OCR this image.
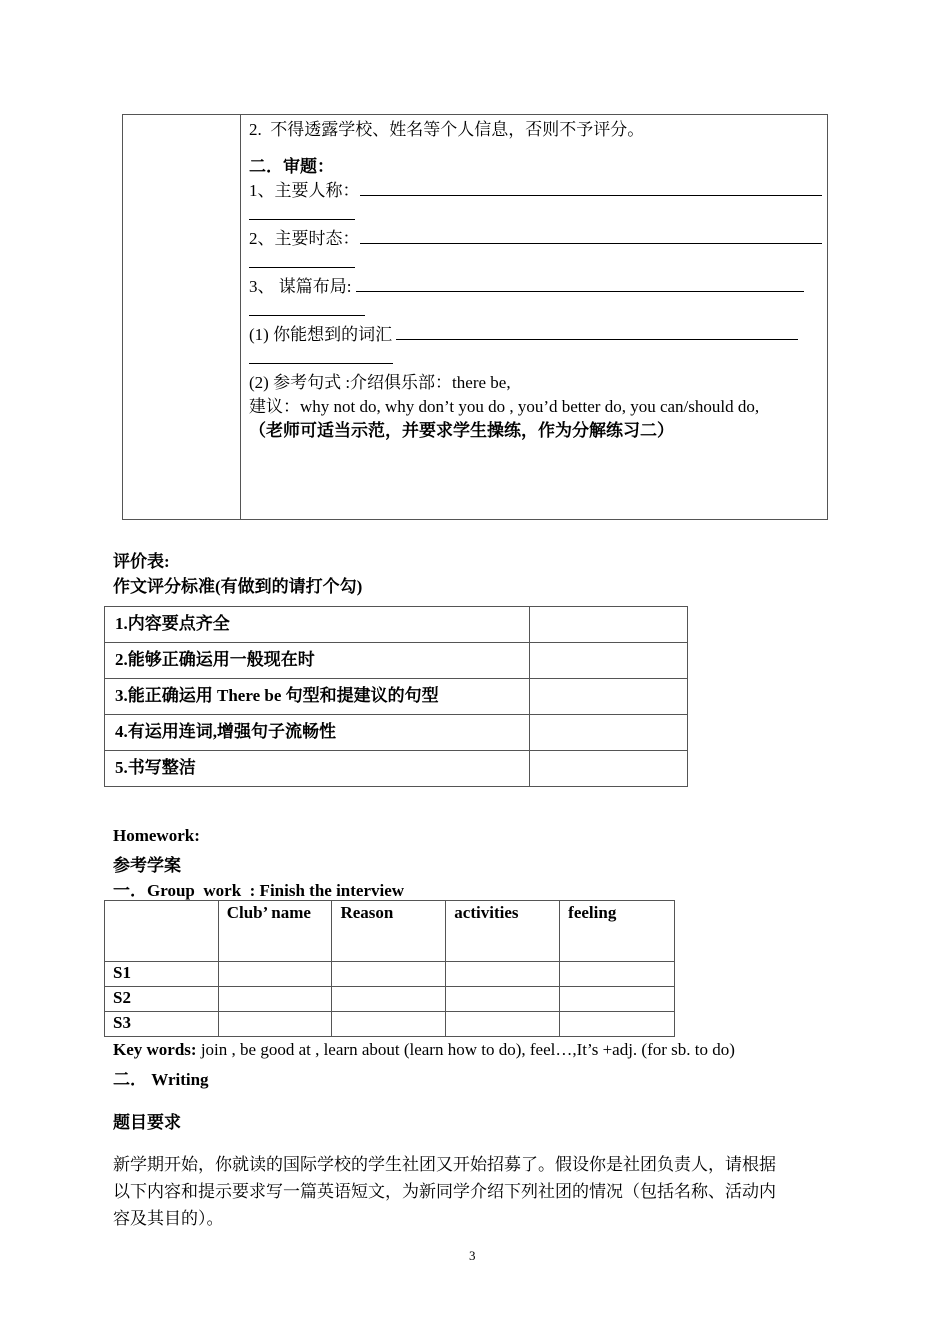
2.  不得透露学校、姓名等个人信息，否则不予评分。
二．审题：
1、主要人称：
2、主要时态：
3、 谋篇布局:
(1) 你能想到的词汇
(2) 参考句式 :介绍俱乐部：there be,
建议：why not do, why don’t you do , you’d better do, you can/should do,
（老师可适当示范，并要求学生操练，作为分解练习二）
评价表:
作文评分标准(有做到的请打个勾)
1.内容要点齐全	
2.能够正确运用一般现在时	
3.能正确运用 There be 句型和提建议的句型	
4.有运用连词,增强句子流畅性	
5.书写整洁	
Homework:
参考学案
一．Group  work  : Finish the interview
	Club’ name	Reason	activities	feeling
S1				
S2				
S3				
Key words: join , be good at , learn about (learn how to do), feel…,It’s +adj. (for sb. to do)
二． Writing
题目要求
新学期开始，你就读的国际学校的学生社团又开始招募了。假设你是社团负责人，请根据
以下内容和提示要求写一篇英语短文，为新同学介绍下列社团的情况（包括名称、活动内
容及其目的）。
3
